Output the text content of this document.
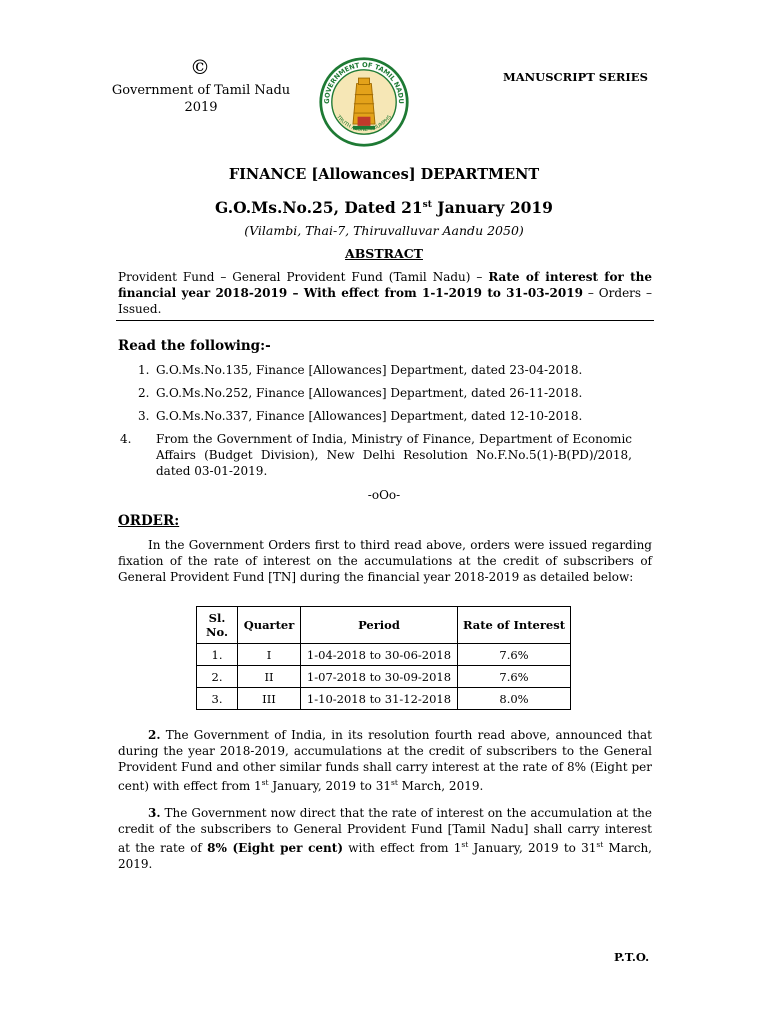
©
Government of Tamil Nadu
2019	GOVERNMENT OF TAMIL NADU
TRUTH ALONE TRIUMPHS
MANUSCRIPT SERIES
FINANCE [Allowances] DEPARTMENT
G.O.Ms.No.25, Dated 21st January 2019
(Vilambi, Thai-7, Thiruvalluvar Aandu 2050)
ABSTRACT
Provident Fund – General Provident Fund (Tamil Nadu) – Rate of interest for the financial year 2018-2019 – With effect from 1-1-2019 to 31-03-2019 – Orders – Issued.
Read the following:-
1. G.O.Ms.No.135, Finance [Allowances] Department, dated 23-04-2018.
2. G.O.Ms.No.252, Finance [Allowances] Department, dated 26-11-2018.
3. G.O.Ms.No.337, Finance [Allowances] Department, dated 12-10-2018.
4. From the Government of India, Ministry of Finance, Department of Economic Affairs (Budget Division), New Delhi Resolution No.F.No.5(1)-B(PD)/2018, dated 03-01-2019.
-oOo-
ORDER:
In the Government Orders first to third read above, orders were issued regarding fixation of the rate of interest on the accumulations at the credit of subscribers of General Provident Fund [TN] during the financial year 2018-2019 as detailed below:
Sl. No.	Quarter	Period	Rate of Interest
1.	I	1-04-2018 to 30-06-2018	7.6%
2.	II	1-07-2018 to 30-09-2018	7.6%
3.	III	1-10-2018 to 31-12-2018	8.0%
2. The Government of India, in its resolution fourth read above, announced that during the year 2018-2019, accumulations at the credit of subscribers to the General Provident Fund and other similar funds shall carry interest at the rate of 8% (Eight per cent) with effect from 1st January, 2019 to 31st March, 2019.
3. The Government now direct that the rate of interest on the accumulation at the credit of the subscribers to General Provident Fund [Tamil Nadu] shall carry interest at the rate of 8% (Eight per cent) with effect from 1st January, 2019 to 31st March, 2019.
P.T.O.
